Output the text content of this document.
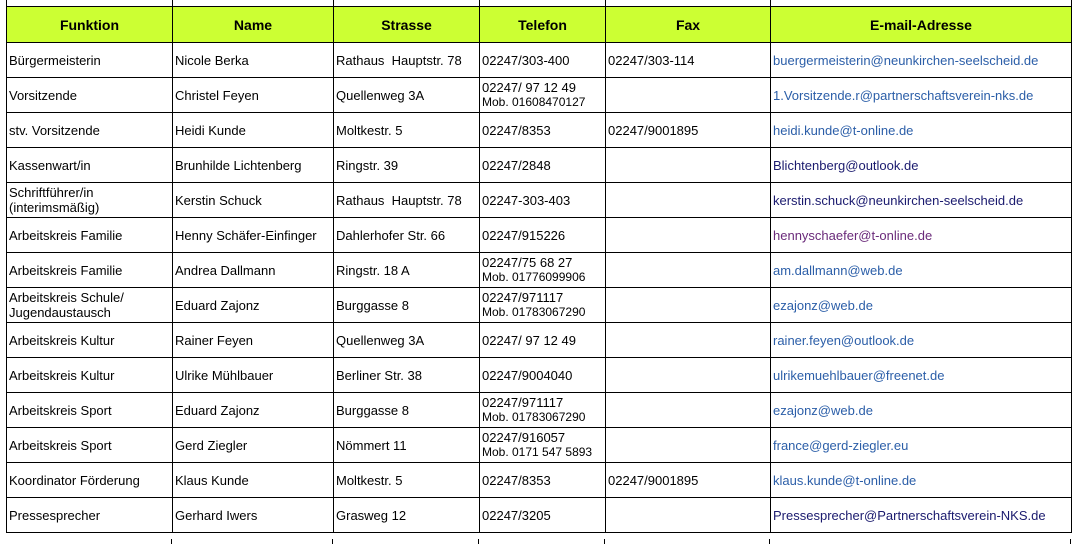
Funktion	Name	Strasse	Telefon	Fax	E-mail-Adresse
Bürgermeisterin	Nicole Berka	Rathaus  Hauptstr. 78	02247/303-400	02247/303-114	buergermeisterin@neunkirchen-seelscheid.de

Vorsitzende	Christel Feyen	Quellenweg 3A	02247/ 97 12 49
Mob. 01608470127		1.Vorsitzende.r@partnerschaftsverein-nks.de

stv. Vorsitzende	Heidi Kunde	Moltkestr. 5	02247/8353	02247/9001895	heidi.kunde@t-online.de

Kassenwart/in	Brunhilde Lichtenberg	Ringstr. 39	02247/2848		Blichtenberg@outlook.de

Schriftführer/in
(interimsmäßig)	Kerstin Schuck	Rathaus  Hauptstr. 78	02247-303-403		kerstin.schuck@neunkirchen-seelscheid.de

Arbeitskreis Familie	Henny Schäfer-Einfinger	Dahlerhofer Str. 66	02247/915226		hennyschaefer@t-online.de

Arbeitskreis Familie	Andrea Dallmann	Ringstr. 18 A	02247/75 68 27
Mob. 01776099906		am.dallmann@web.de

Arbeitskreis Schule/
Jugendaustausch	Eduard Zajonz	Burggasse 8	02247/971117
Mob. 01783067290		ezajonz@web.de

Arbeitskreis Kultur	Rainer Feyen	Quellenweg 3A	02247/ 97 12 49		rainer.feyen@outlook.de

Arbeitskreis Kultur	Ulrike Mühlbauer	Berliner Str. 38	02247/9004040		ulrikemuehlbauer@freenet.de

Arbeitskreis Sport	Eduard Zajonz	Burggasse 8	02247/971117
Mob. 01783067290		ezajonz@web.de

Arbeitskreis Sport	Gerd Ziegler	Nömmert 11	02247/916057
Mob. 0171 547 5893		france@gerd-ziegler.eu

Koordinator Förderung	Klaus Kunde	Moltkestr. 5	02247/8353	02247/9001895	klaus.kunde@t-online.de

Pressesprecher	Gerhard Iwers	Grasweg 12	02247/3205		Pressesprecher@Partnerschaftsverein-NKS.de
